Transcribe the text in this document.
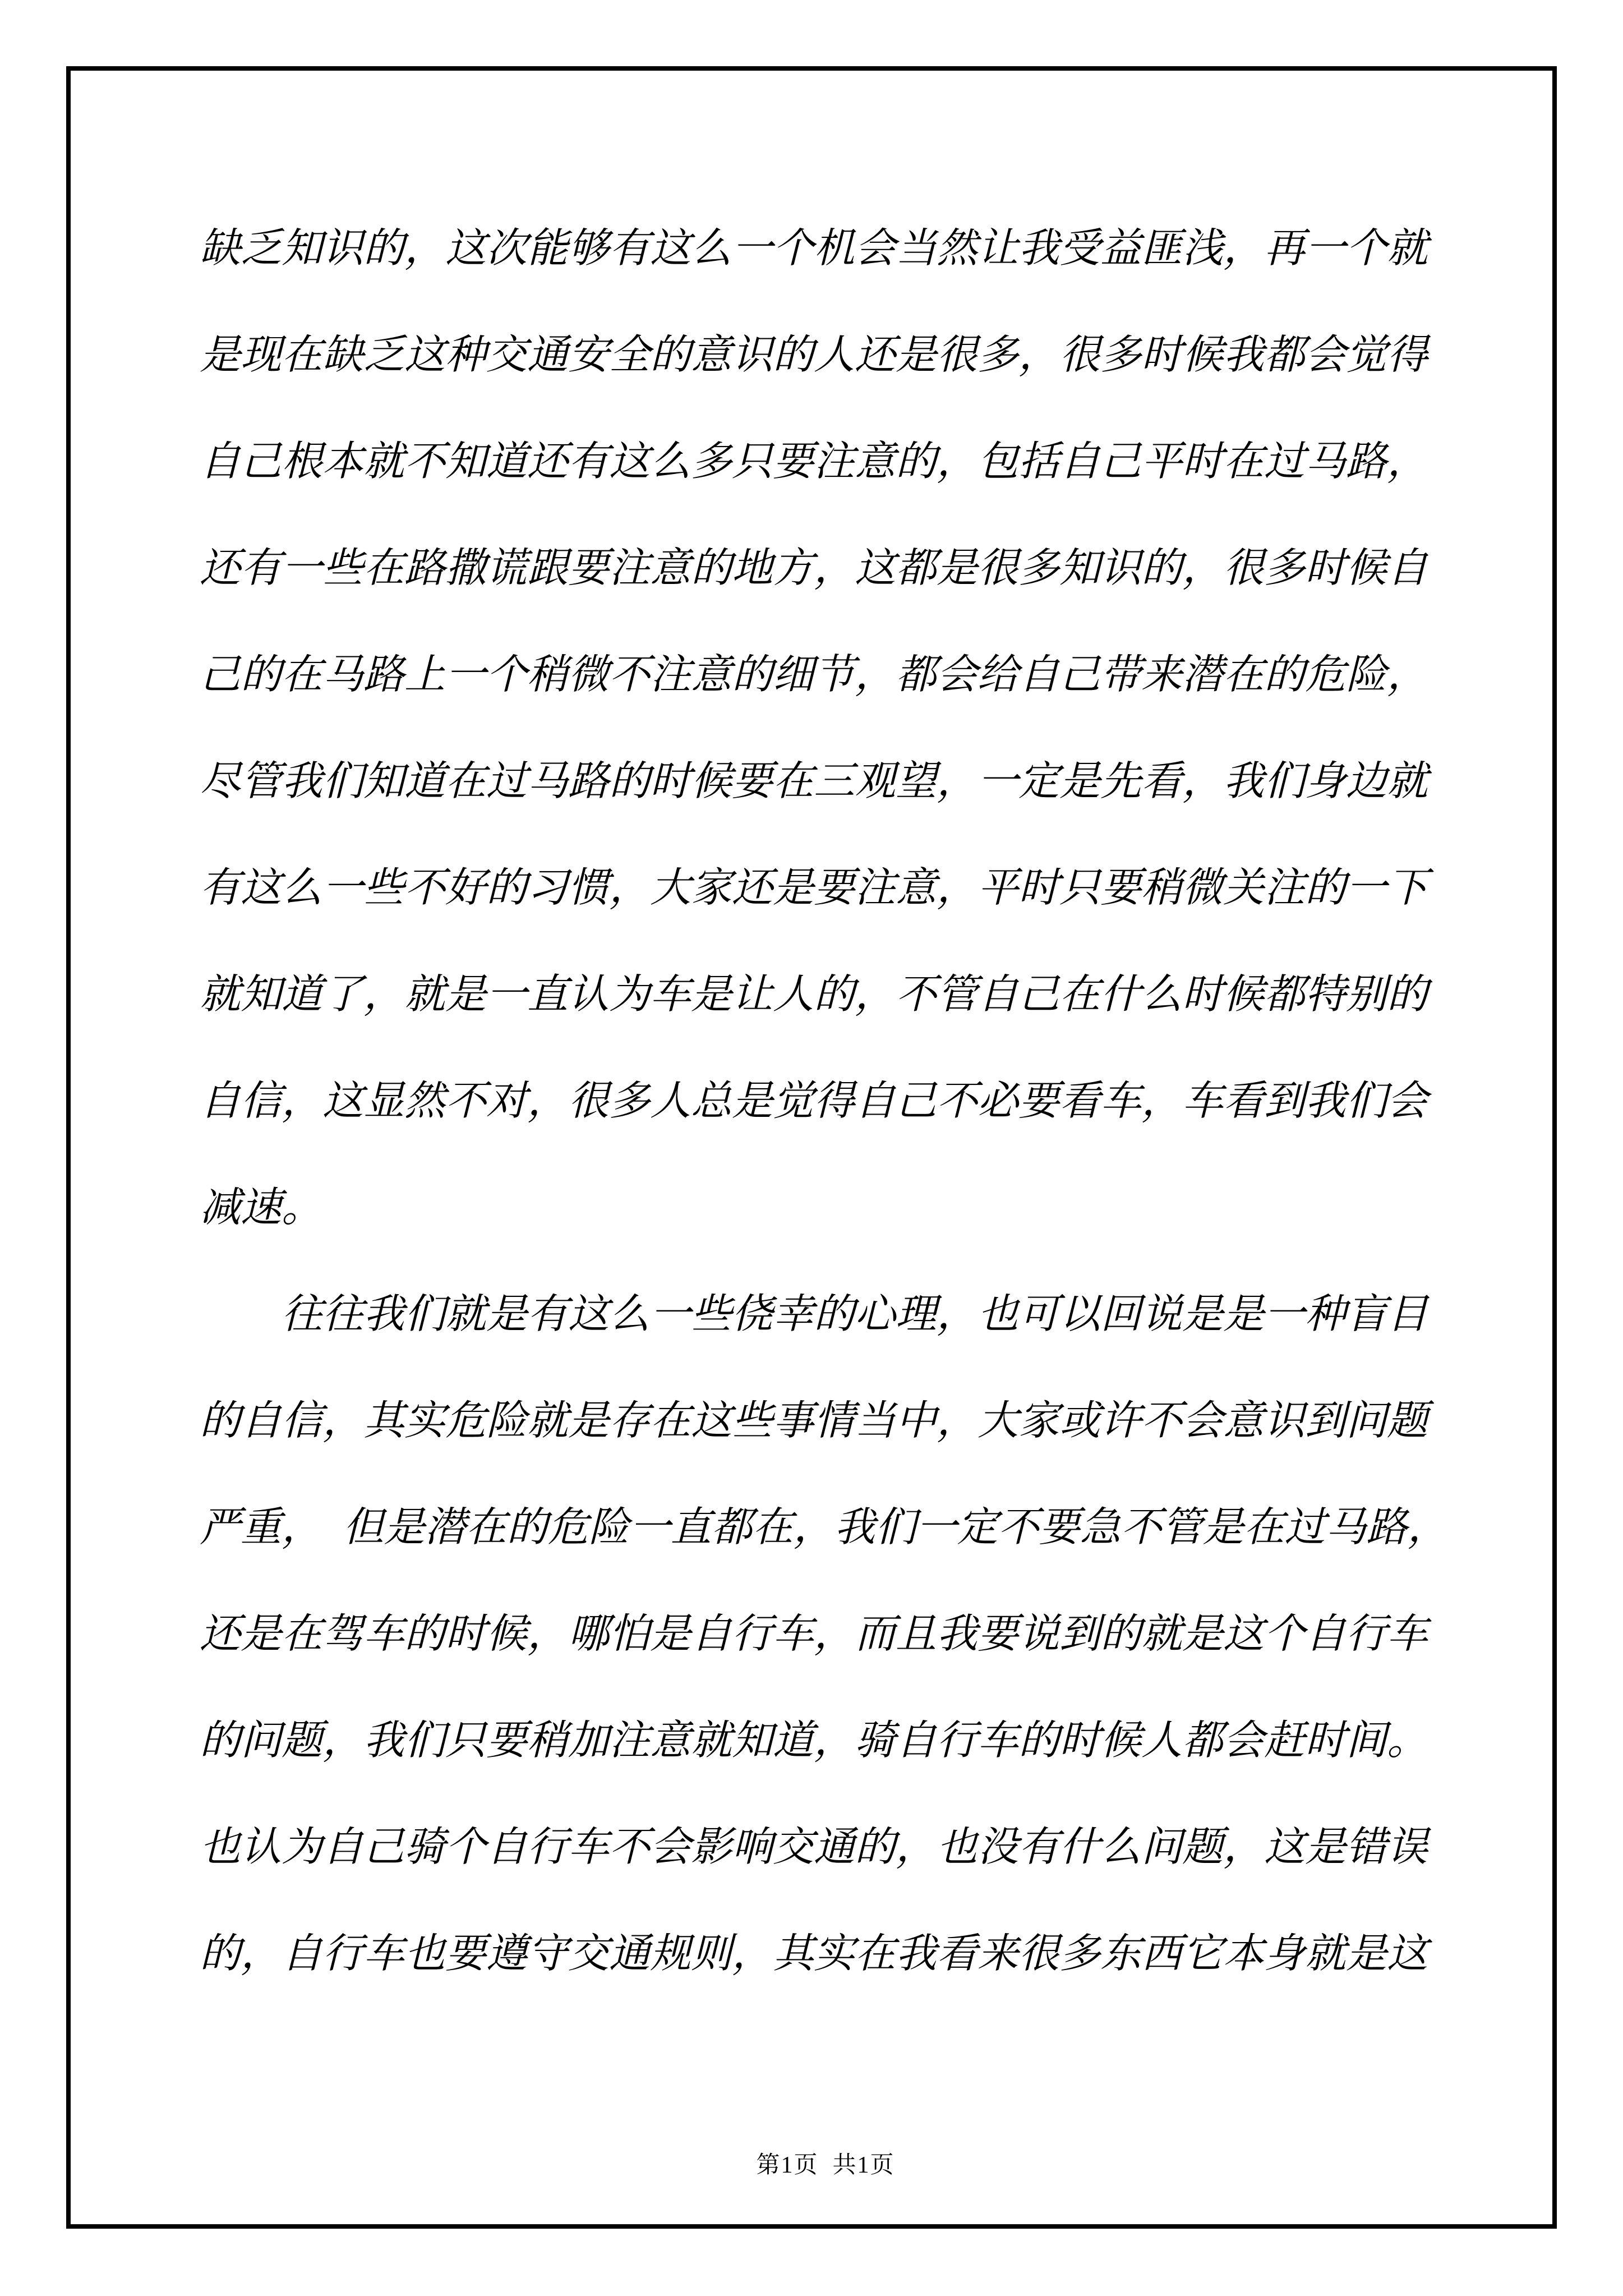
缺乏知识的，这次能够有这么一个机会当然让我受益匪浅，再一个就
是现在缺乏这种交通安全的意识的人还是很多，很多时候我都会觉得
自己根本就不知道还有这么多只要注意的，包括自己平时在过马路，
还有一些在路撒谎跟要注意的地方，这都是很多知识的，很多时候自
己的在马路上一个稍微不注意的细节，都会给自己带来潜在的危险，
尽管我们知道在过马路的时候要在三观望，一定是先看，我们身边就
有这么一些不好的习惯，大家还是要注意，平时只要稍微关注的一下
就知道了，就是一直认为车是让人的，不管自己在什么时候都特别的
自信，这显然不对，很多人总是觉得自己不必要看车，车看到我们会
减速。
往往我们就是有这么一些侥幸的心理，也可以回说是是一种盲目
的自信，其实危险就是存在这些事情当中，大家或许不会意识到问题
严重，  但是潜在的危险一直都在，我们一定不要急不管是在过马路，
还是在驾车的时候，哪怕是自行车，而且我要说到的就是这个自行车
的问题，我们只要稍加注意就知道，骑自行车的时候人都会赶时间。
也认为自己骑个自行车不会影响交通的，也没有什么问题，这是错误
的，自行车也要遵守交通规则，其实在我看来很多东西它本身就是这

第1页  共1页
